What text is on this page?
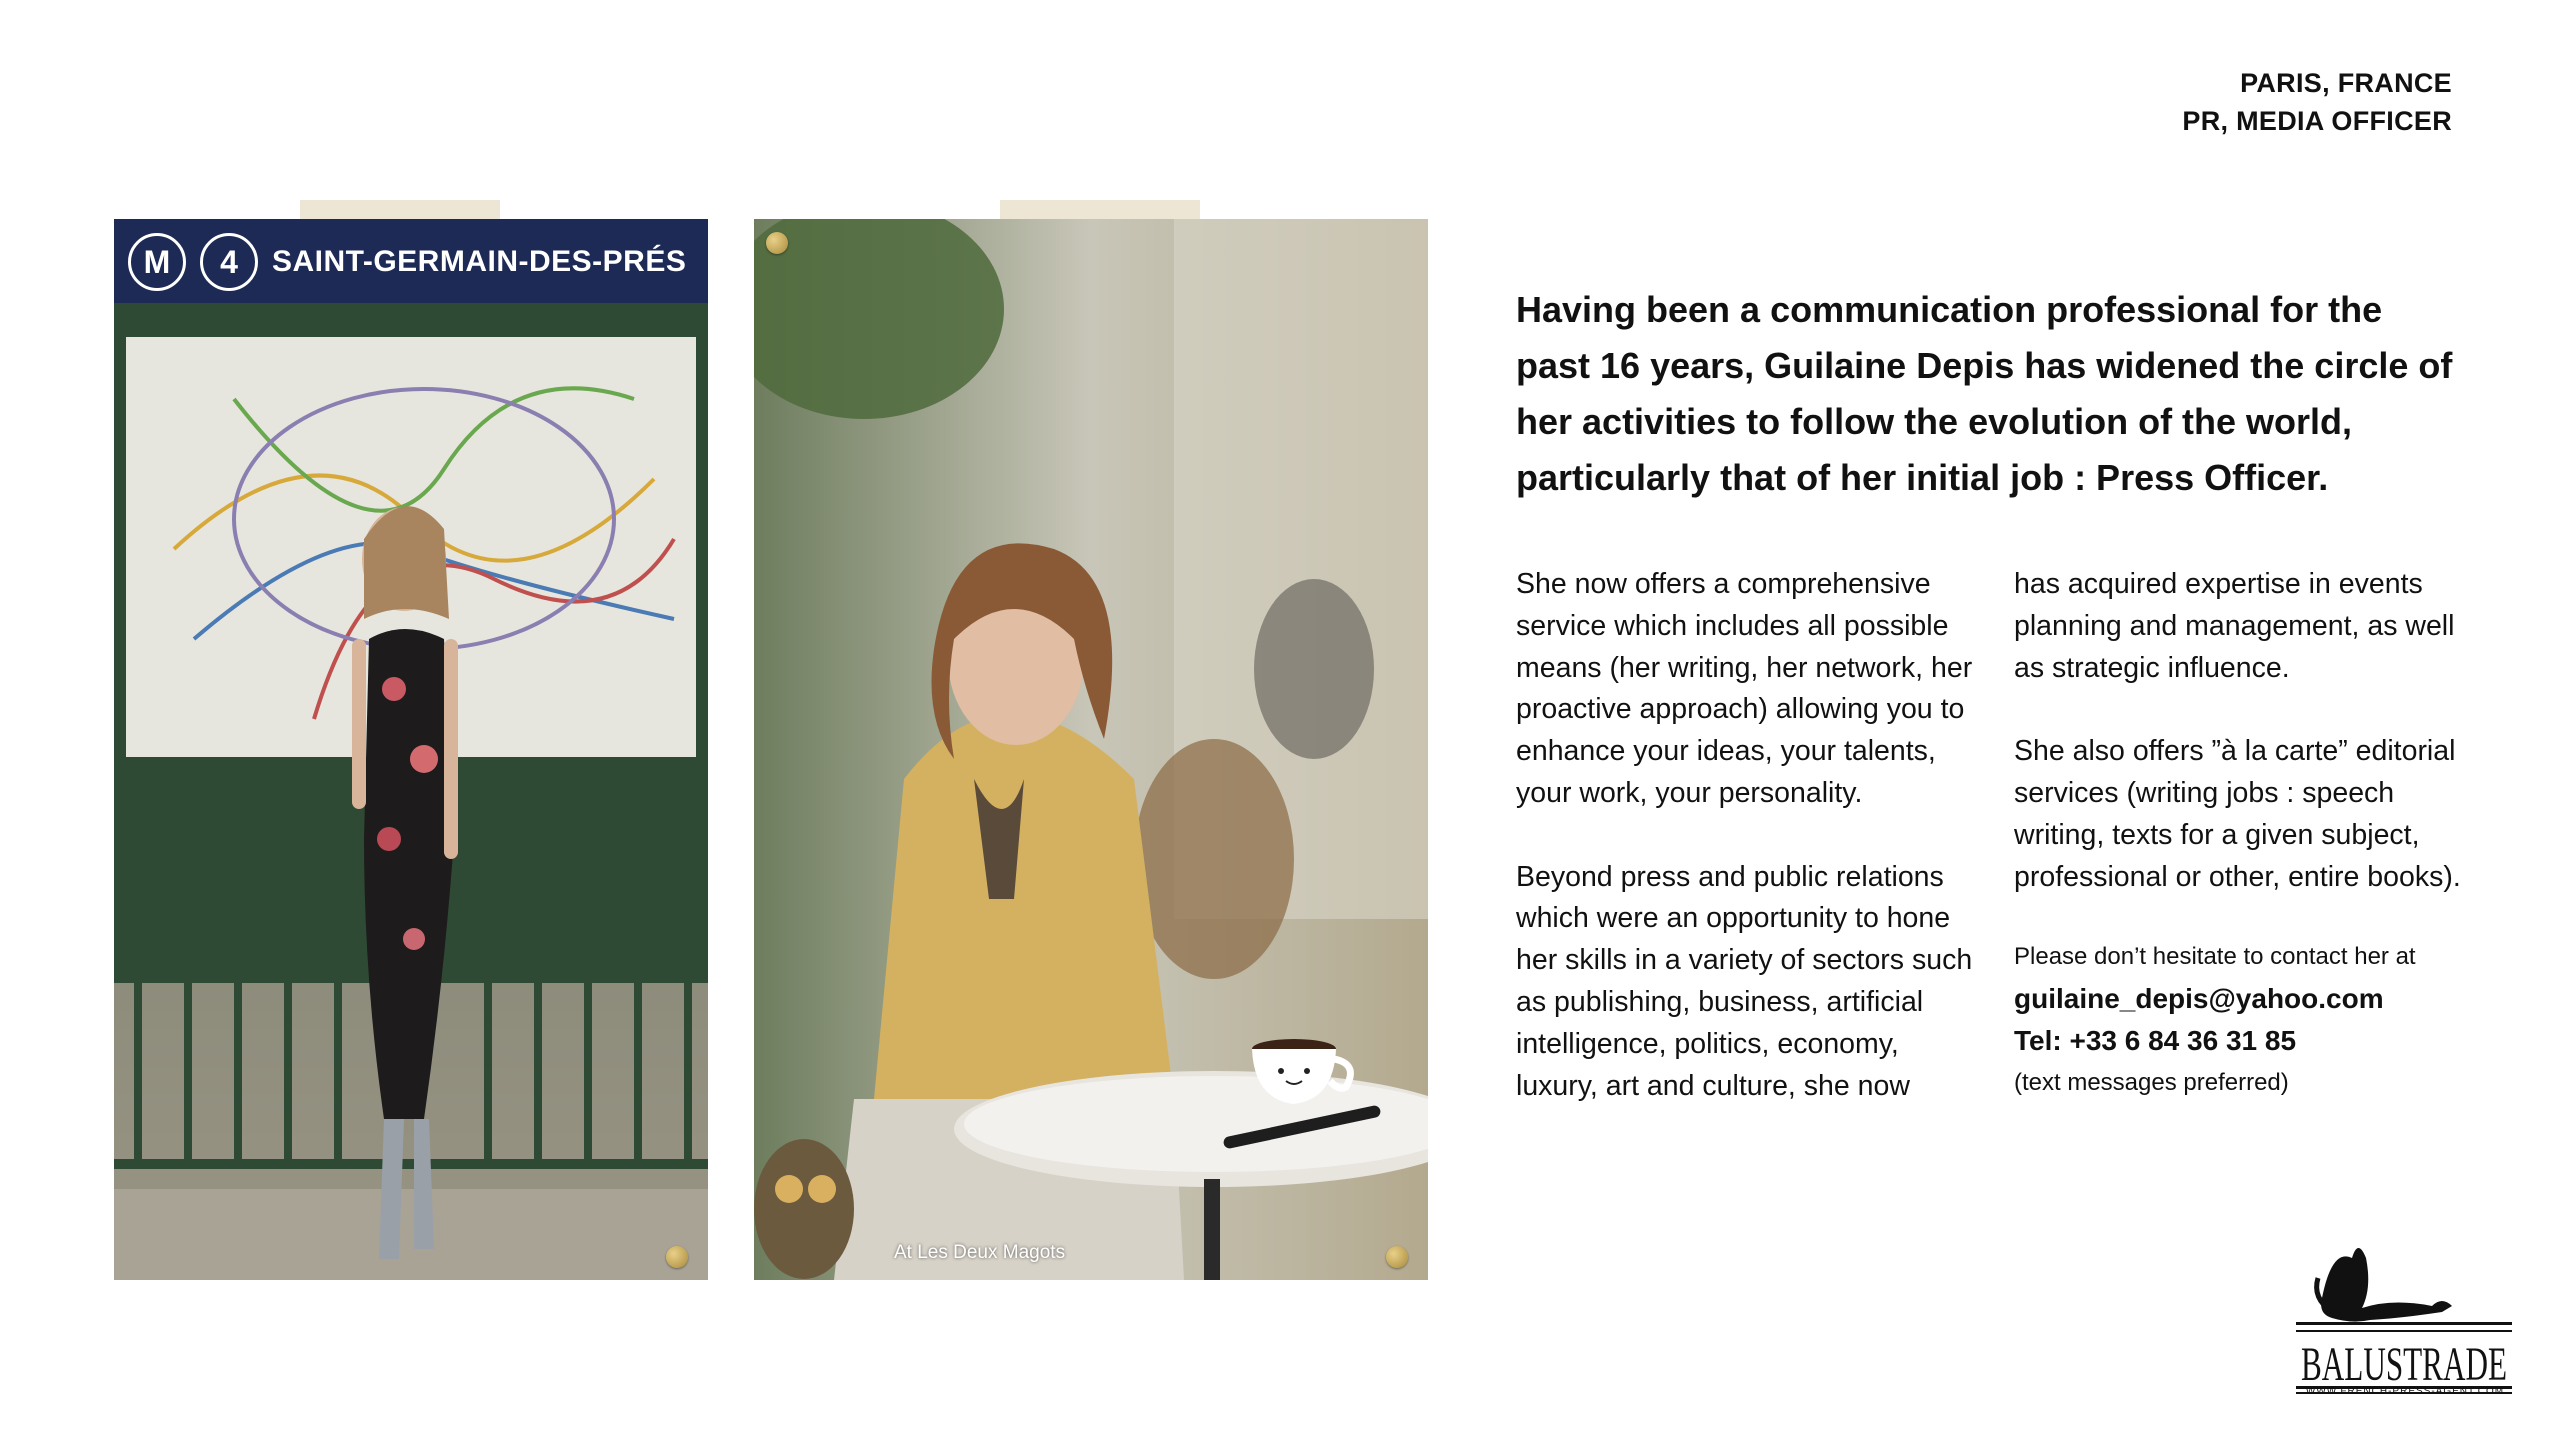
PARIS, FRANCE
PR, MEDIA OFFICER
M	4	SAINT-GERMAIN-DES-PRÉS
At Les Deux Magots
Having been a communication professional for the past 16 years, Guilaine Depis has widened the circle of her activities to follow the evolution of the world, particularly that of her initial job : Press Officer.

She now offers a comprehensive service which includes all possible means (her writing, her network, her proactive approach) allowing you to enhance your ideas, your talents, your work, your personality.

Beyond press and public relations which were an opportunity to hone her skills in a variety of sectors such as publishing, business, artificial intelligence, politics, economy, luxury, art and culture, she now

has acquired expertise in events planning and management, as well as strategic influence.

She also offers ”à la carte” editorial services (writing jobs : speech writing, texts for a given subject, professional or other, entire books).

Please don’t hesitate to contact her at
guilaine_depis@yahoo.com
Tel: +33 6 84 36 31 85
(text messages preferred)
BALUSTRADE
WWW.FRENCH-PRESS-AGENT.COM
